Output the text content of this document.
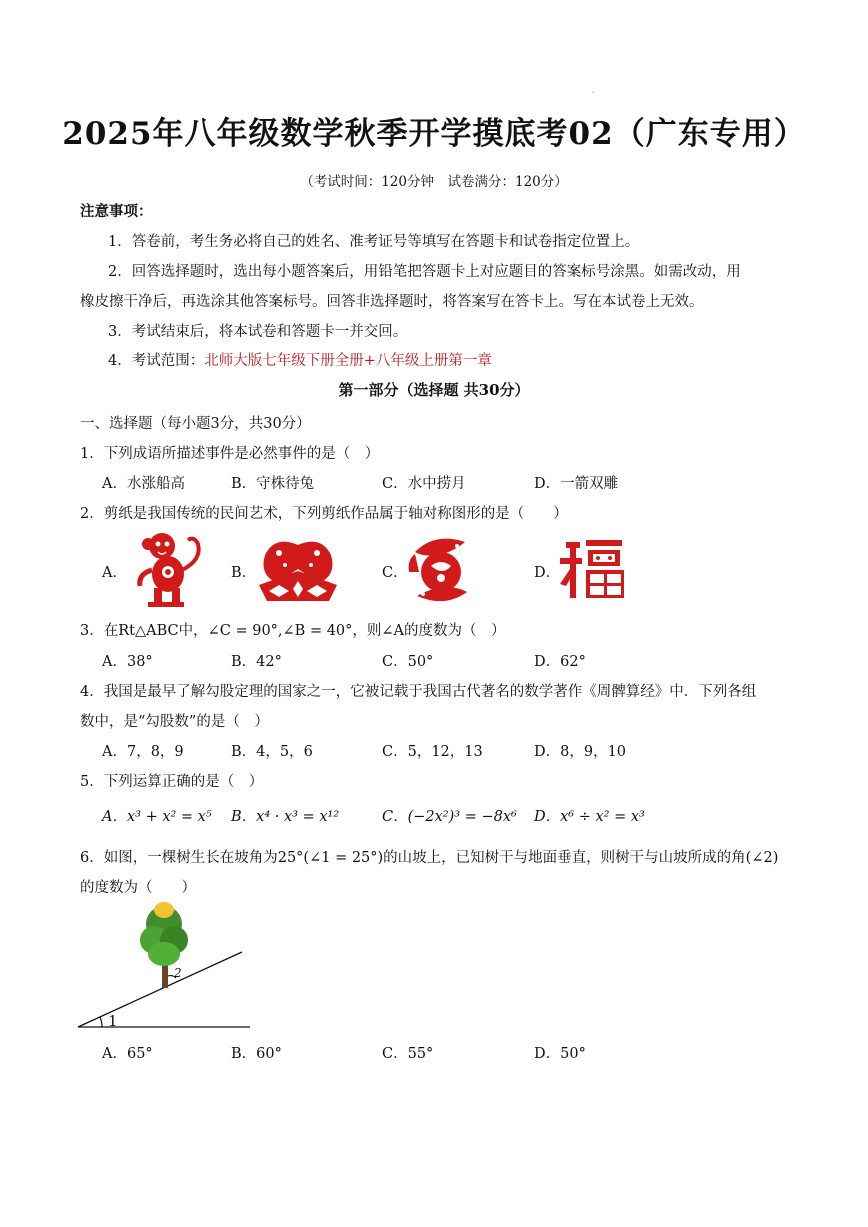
.
2025年八年级数学秋季开学摸底考02（广东专用）
（考试时间：120分钟　试卷满分：120分）
注意事项：
1．答卷前，考生务必将自己的姓名、准考证号等填写在答题卡和试卷指定位置上。
2．回答选择题时，选出每小题答案后，用铅笔把答题卡上对应题目的答案标号涂黑。如需改动，用
橡皮擦干净后，再选涂其他答案标号。回答非选择题时，将答案写在答卡上。写在本试卷上无效。
3．考试结束后，将本试卷和答题卡一并交回。
4．考试范围：北师大版七年级下册全册+八年级上册第一章
第一部分（选择题 共30分）
一、选择题（每小题3分，共30分）
1．下列成语所描述事件是必然事件的是（　）
A．水涨船高	B．守株待兔	C．水中捞月	D．一箭双雕
2．剪纸是我国传统的民间艺术，下列剪纸作品属于轴对称图形的是（　　）
A．	B．	C．	D．
3．在Rt△ABC中，∠C = 90°,∠B = 40°，则∠A的度数为（　）
A．38°	B．42°	C．50°	D．62°
4．我国是最早了解勾股定理的国家之一，它被记载于我国古代著名的数学著作《周髀算经》中．下列各组
数中，是“勾股数”的是（　）
A．7，8，9	B．4，5，6	C．5，12，13	D．8，9，10
5．下列运算正确的是（　）
A．x³ + x² = x⁵ B．x⁴ · x³ = x¹²	C．(−2x²)³ = −8x⁶ D．x⁶ ÷ x² = x³
6．如图，一棵树生长在坡角为25°(∠1 = 25°)的山坡上，已知树干与地面垂直，则树干与山坡所成的角(∠2)
的度数为（　　）
1
2
A．65°	B．60°	C．55°	D．50°
